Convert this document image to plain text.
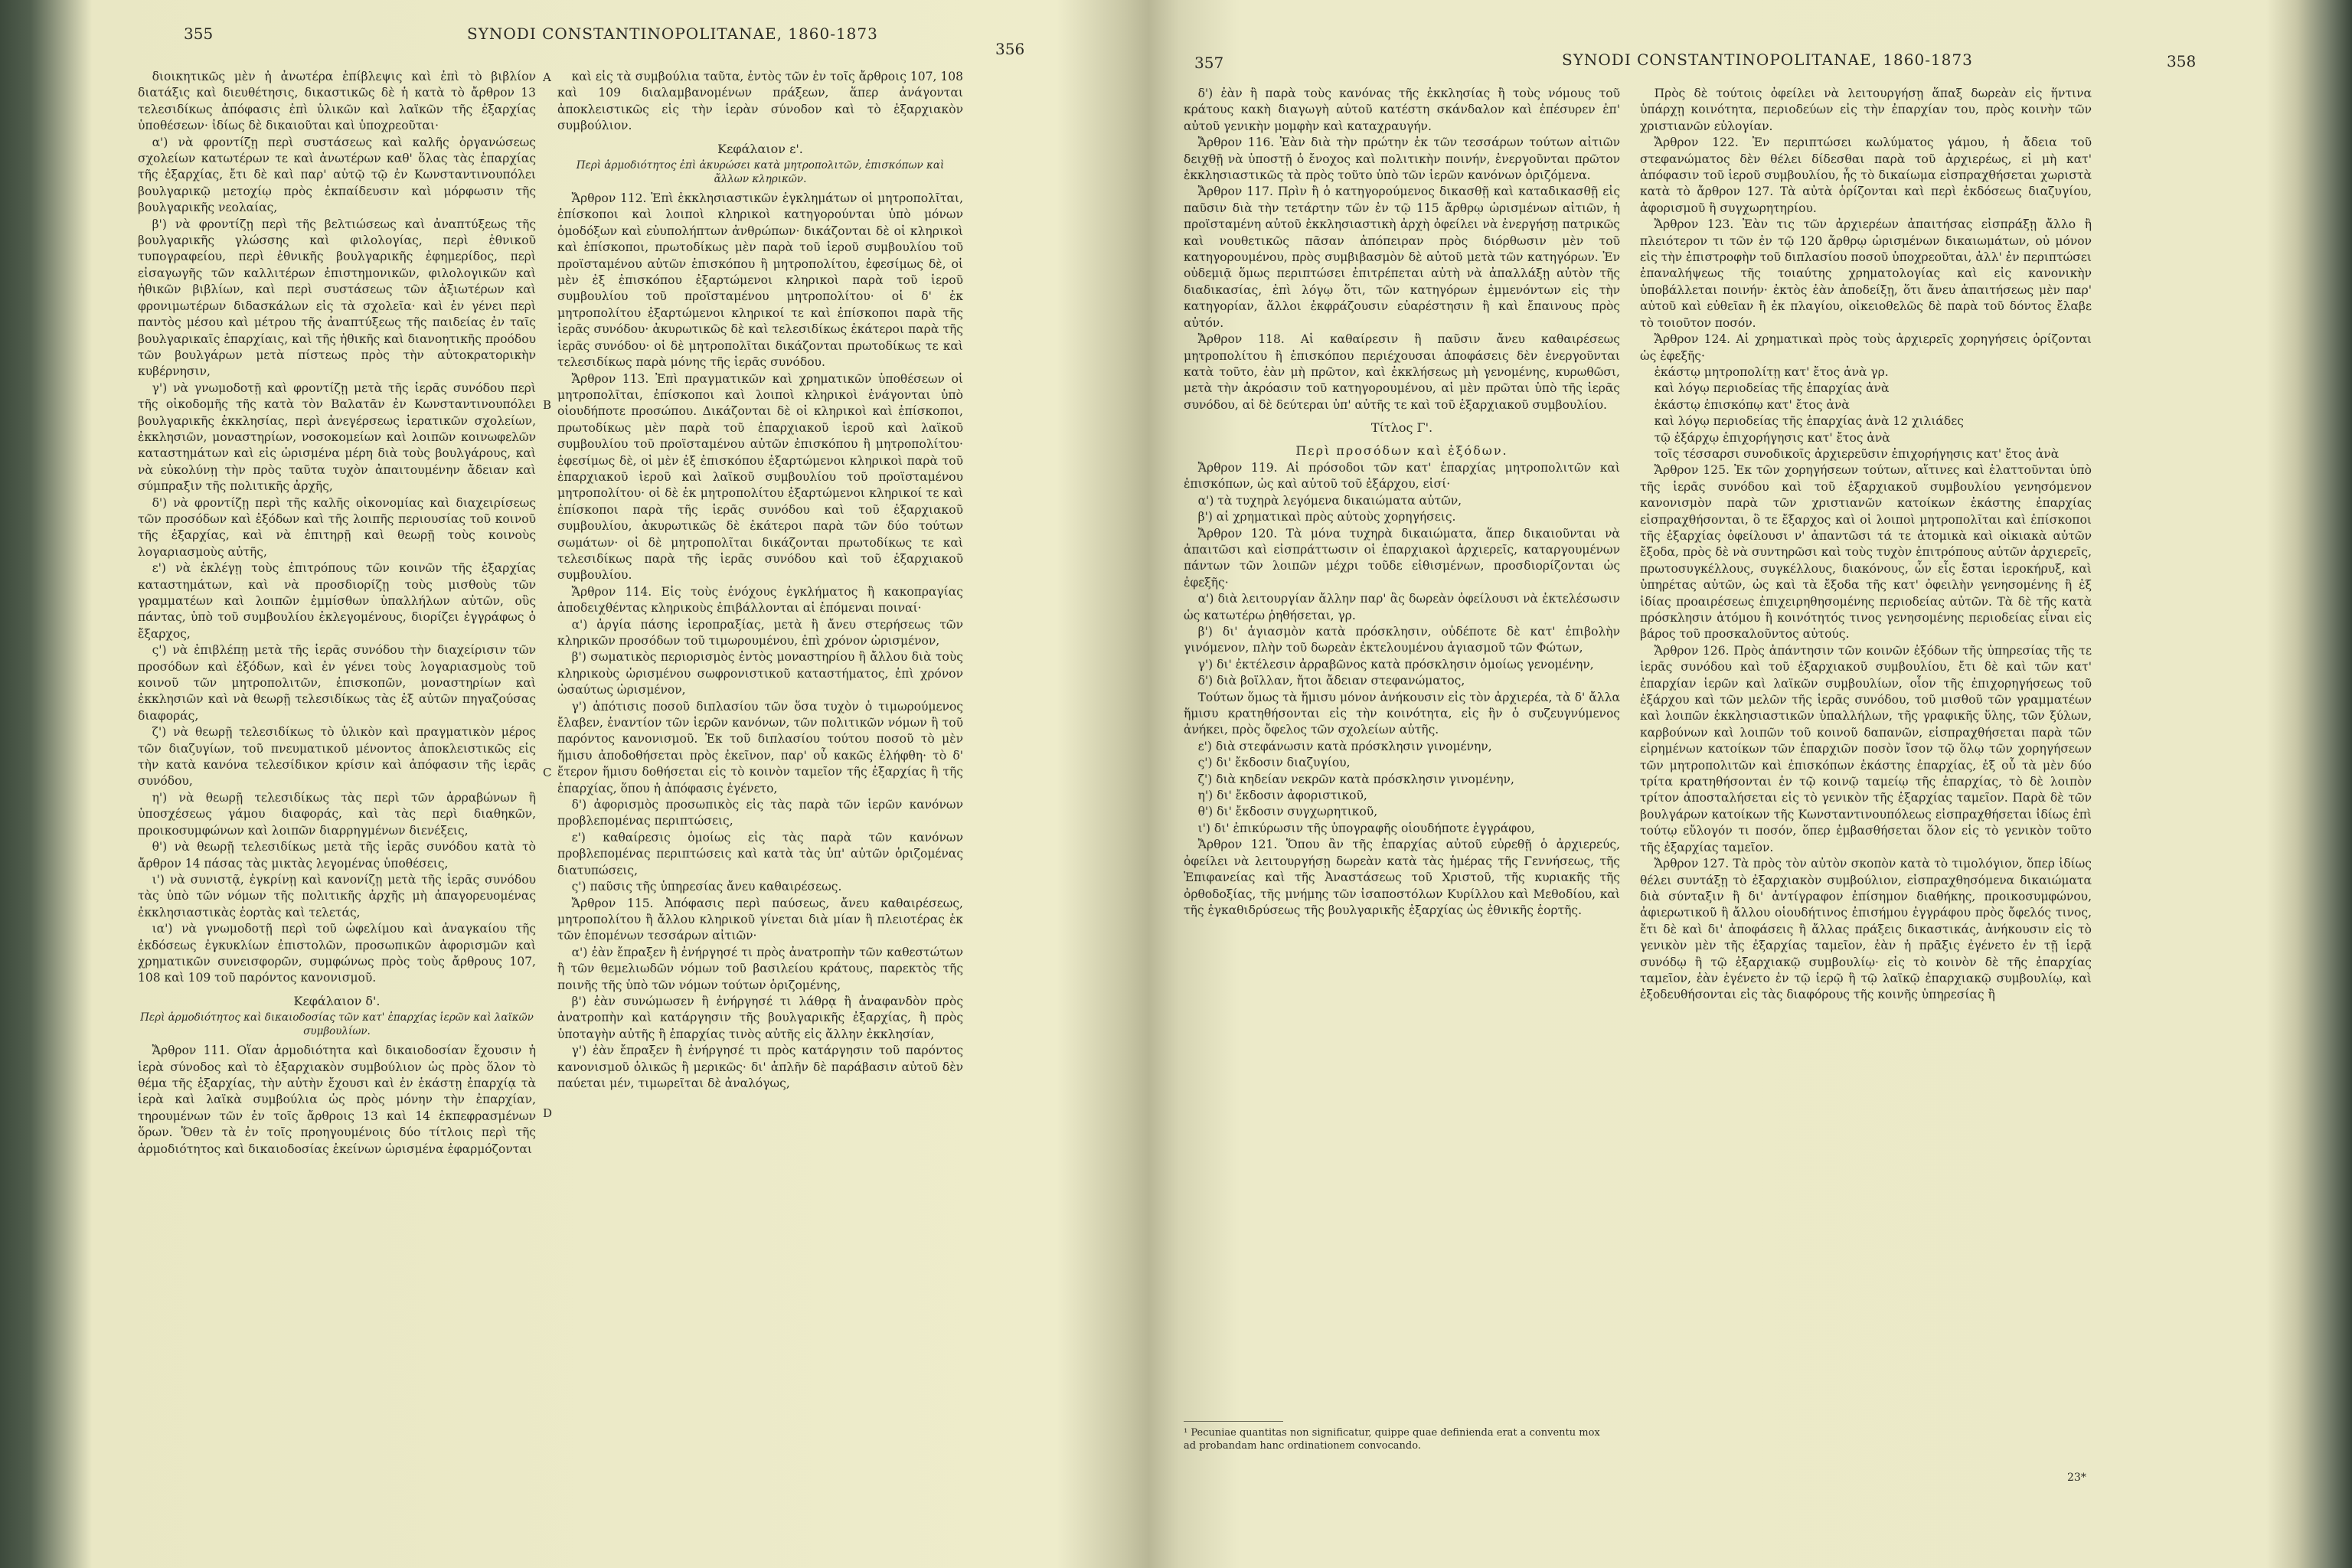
355	SYNODI CONSTANTINOPOLITANAE, 1860-1873
356
357	SYNODI CONSTANTINOPOLITANAE, 1860-1873	358

διοικητικῶς μὲν ἡ ἀνωτέρα ἐπίβλεψις καὶ ἐπὶ τὸ βιβλίον διατάξις καὶ διευθέτησις, δικαστικῶς δὲ ἡ κατὰ τὸ ἄρθρον 13 τελεσιδίκως ἀπόφασις ἐπὶ ὑλικῶν καὶ λαϊκῶν τῆς ἐξαρχίας ὑποθέσεων· ἰδίως δὲ δικαιοῦται καὶ ὑποχρεοῦται·

α') νὰ φροντίζῃ περὶ συστάσεως καὶ καλῆς ὀργανώσεως σχολείων κατωτέρων τε καὶ ἀνωτέρων καθ' ὅλας τὰς ἐπαρχίας τῆς ἐξαρχίας, ἔτι δὲ καὶ παρ' αὐτῷ τῷ ἐν Κωνσταντινουπόλει βουλγαρικῷ μετοχίῳ πρὸς ἐκπαίδευσιν καὶ μόρφωσιν τῆς βουλγαρικῆς νεολαίας,

β') νὰ φροντίζῃ περὶ τῆς βελτιώσεως καὶ ἀναπτύξεως τῆς βουλγαρικῆς γλώσσης καὶ φιλολογίας, περὶ ἐθνικοῦ τυπογραφείου, περὶ ἐθνικῆς βουλγαρικῆς ἐφημερίδος, περὶ εἰσαγωγῆς τῶν καλλιτέρων ἐπιστημονικῶν, φιλολογικῶν καὶ ἠθικῶν βιβλίων, καὶ περὶ συστάσεως τῶν ἀξιωτέρων καὶ φρονιμωτέρων διδασκάλων εἰς τὰ σχολεῖα· καὶ ἐν γένει περὶ παντὸς μέσου καὶ μέτρου τῆς ἀναπτύξεως τῆς παιδείας ἐν ταῖς βουλγαρικαῖς ἐπαρχίαις, καὶ τῆς ἠθικῆς καὶ διανοητικῆς προόδου τῶν βουλγάρων μετὰ πίστεως πρὸς τὴν αὐτοκρατορικὴν κυβέρνησιν,

γ') νὰ γνωμοδοτῇ καὶ φροντίζῃ μετὰ τῆς ἱερᾶς συνόδου περὶ τῆς οἰκοδομῆς τῆς κατὰ τὸν Βαλατᾶν ἐν Κωνσταντινουπόλει βουλγαρικῆς ἐκκλησίας, περὶ ἀνεγέρσεως ἱερατικῶν σχολείων, ἐκκλησιῶν, μοναστηρίων, νοσοκομείων καὶ λοιπῶν κοινωφελῶν καταστημάτων καὶ εἰς ὡρισμένα μέρη διὰ τοὺς βουλγάρους, καὶ νὰ εὐκολύνῃ τὴν πρὸς ταῦτα τυχὸν ἀπαιτουμένην ἄδειαν καὶ σύμπραξιν τῆς πολιτικῆς ἀρχῆς,

δ') νὰ φροντίζῃ περὶ τῆς καλῆς οἰκονομίας καὶ διαχειρίσεως τῶν προσόδων καὶ ἐξόδων καὶ τῆς λοιπῆς περιουσίας τοῦ κοινοῦ τῆς ἐξαρχίας, καὶ νὰ ἐπιτηρῇ καὶ θεωρῇ τοὺς κοινοὺς λογαριασμοὺς αὐτῆς,

ε') νὰ ἐκλέγῃ τοὺς ἐπιτρόπους τῶν κοινῶν τῆς ἐξαρχίας καταστημάτων, καὶ νὰ προσδιορίζῃ τοὺς μισθοὺς τῶν γραμματέων καὶ λοιπῶν ἐμμίσθων ὑπαλλήλων αὐτῶν, οὓς πάντας, ὑπὸ τοῦ συμβουλίου ἐκλεγομένους, διορίζει ἐγγράφως ὁ ἔξαρχος,

ς') νὰ ἐπιβλέπῃ μετὰ τῆς ἱερᾶς συνόδου τὴν διαχείρισιν τῶν προσόδων καὶ ἐξόδων, καὶ ἐν γένει τοὺς λογαριασμοὺς τοῦ κοινοῦ τῶν μητροπολιτῶν, ἐπισκοπῶν, μοναστηρίων καὶ ἐκκλησιῶν καὶ νὰ θεωρῇ τελεσιδίκως τὰς ἐξ αὐτῶν πηγαζούσας διαφοράς,

ζ') νὰ θεωρῇ τελεσιδίκως τὸ ὑλικὸν καὶ πραγματικὸν μέρος τῶν διαζυγίων, τοῦ πνευματικοῦ μένοντος ἀποκλειστικῶς εἰς τὴν κατὰ κανόνα τελεσίδικον κρίσιν καὶ ἀπόφασιν τῆς ἱερᾶς συνόδου,

η') νὰ θεωρῇ τελεσιδίκως τὰς περὶ τῶν ἀρραβώνων ἢ ὑποσχέσεως γάμου διαφοράς, καὶ τὰς περὶ διαθηκῶν, προικοσυμφώνων καὶ λοιπῶν διαρρηγμένων διενέξεις,

θ') νὰ θεωρῇ τελεσιδίκως μετὰ τῆς ἱερᾶς συνόδου κατὰ τὸ ἄρθρον 14 πάσας τὰς μικτὰς λεγομένας ὑποθέσεις,

ι') νὰ συνιστᾷ, ἐγκρίνῃ καὶ κανονίζῃ μετὰ τῆς ἱερᾶς συνόδου τὰς ὑπὸ τῶν νόμων τῆς πολιτικῆς ἀρχῆς μὴ ἀπαγορευομένας ἐκκλησιαστικὰς ἑορτὰς καὶ τελετάς,

ια') νὰ γνωμοδοτῇ περὶ τοῦ ὠφελίμου καὶ ἀναγκαίου τῆς ἐκδόσεως ἐγκυκλίων ἐπιστολῶν, προσωπικῶν ἀφορισμῶν καὶ χρηματικῶν συνεισφορῶν, συμφώνως πρὸς τοὺς ἄρθρους 107, 108 καὶ 109 τοῦ παρόντος κανονισμοῦ.

Κεφάλαιον δ'.

Περὶ ἁρμοδιότητος καὶ δικαιοδοσίας τῶν κατ' ἐπαρχίας ἱερῶν καὶ λαϊκῶν συμβουλίων.

Ἄρθρον 111. Οἵαν ἁρμοδιότητα καὶ δικαιοδοσίαν ἔχουσιν ἡ ἱερὰ σύνοδος καὶ τὸ ἐξαρχιακὸν συμβούλιον ὡς πρὸς ὅλον τὸ θέμα τῆς ἐξαρχίας, τὴν αὐτὴν ἔχουσι καὶ ἐν ἑκάστῃ ἐπαρχίᾳ τὰ ἱερὰ καὶ λαϊκὰ συμβούλια ὡς πρὸς μόνην τὴν ἐπαρχίαν, τηρουμένων τῶν ἐν τοῖς ἄρθροις 13 καὶ 14 ἐκπεφρασμένων ὅρων. Ὅθεν τὰ ἐν τοῖς προηγουμένοις δύο τίτλοις περὶ τῆς ἁρμοδιότητος καὶ δικαιοδοσίας ἐκείνων ὡρισμένα ἐφαρμόζονται

καὶ εἰς τὰ συμβούλια ταῦτα, ἐντὸς τῶν ἐν τοῖς ἄρθροις 107, 108 καὶ 109 διαλαμβανομένων πράξεων, ἅπερ ἀνάγονται ἀποκλειστικῶς εἰς τὴν ἱερὰν σύνοδον καὶ τὸ ἐξαρχιακὸν συμβούλιον.

Κεφάλαιον ε'.

Περὶ ἁρμοδιότητος ἐπὶ ἀκυρώσει κατὰ μητροπολιτῶν, ἐπισκόπων καὶ ἄλλων κληρικῶν.

Ἄρθρον 112. Ἐπὶ ἐκκλησιαστικῶν ἐγκλημάτων οἱ μητροπολῖται, ἐπίσκοποι καὶ λοιποὶ κληρικοὶ κατηγορούνται ὑπὸ μόνων ὁμοδόξων καὶ εὐυπολήπτων ἀνθρώπων· δικάζονται δὲ οἱ κληρικοὶ καὶ ἐπίσκοποι, πρωτοδίκως μὲν παρὰ τοῦ ἱεροῦ συμβουλίου τοῦ προϊσταμένου αὐτῶν ἐπισκόπου ἢ μητροπολίτου, ἐφεσίμως δὲ, οἱ μὲν ἐξ ἐπισκόπου ἐξαρτώμενοι κληρικοὶ παρὰ τοῦ ἱεροῦ συμβουλίου τοῦ προϊσταμένου μητροπολίτου· οἱ δ' ἐκ μητροπολίτου ἐξαρτώμενοι κληρικοί τε καὶ ἐπίσκοποι παρὰ τῆς ἱερᾶς συνόδου· ἀκυρωτικῶς δὲ καὶ τελεσιδίκως ἑκάτεροι παρὰ τῆς ἱερᾶς συνόδου· οἱ δὲ μητροπολῖται δικάζονται πρωτοδίκως τε καὶ τελεσιδίκως παρὰ μόνης τῆς ἱερᾶς συνόδου.

Ἄρθρον 113. Ἐπὶ πραγματικῶν καὶ χρηματικῶν ὑποθέσεων οἱ μητροπολῖται, ἐπίσκοποι καὶ λοιποὶ κληρικοὶ ἐνάγονται ὑπὸ οἱουδήποτε προσώπου. Δικάζονται δὲ οἱ κληρικοὶ καὶ ἐπίσκοποι, πρωτοδίκως μὲν παρὰ τοῦ ἐπαρχιακοῦ ἱεροῦ καὶ λαϊκοῦ συμβουλίου τοῦ προϊσταμένου αὐτῶν ἐπισκόπου ἢ μητροπολίτου· ἐφεσίμως δὲ, οἱ μὲν ἐξ ἐπισκόπου ἐξαρτώμενοι κληρικοὶ παρὰ τοῦ ἐπαρχιακοῦ ἱεροῦ καὶ λαϊκοῦ συμβουλίου τοῦ προϊσταμένου μητροπολίτου· οἱ δὲ ἐκ μητροπολίτου ἐξαρτώμενοι κληρικοί τε καὶ ἐπίσκοποι παρὰ τῆς ἱερᾶς συνόδου καὶ τοῦ ἐξαρχιακοῦ συμβουλίου, ἀκυρωτικῶς δὲ ἑκάτεροι παρὰ τῶν δύο τούτων σωμάτων· οἱ δὲ μητροπολῖται δικάζονται πρωτοδίκως τε καὶ τελεσιδίκως παρὰ τῆς ἱερᾶς συνόδου καὶ τοῦ ἐξαρχιακοῦ συμβουλίου.

Ἄρθρον 114. Εἰς τοὺς ἐνόχους ἐγκλήματος ἢ κακοπραγίας ἀποδειχθέντας κληρικοὺς ἐπιβάλλονται αἱ ἑπόμεναι ποιναί·

α') ἀργία πάσης ἱεροπραξίας, μετὰ ἢ ἄνευ στερήσεως τῶν κληρικῶν προσόδων τοῦ τιμωρουμένου, ἐπὶ χρόνον ὡρισμένον,

β') σωματικὸς περιορισμὸς ἐντὸς μοναστηρίου ἢ ἄλλου διὰ τοὺς κληρικοὺς ὡρισμένου σωφρονιστικοῦ καταστήματος, ἐπὶ χρόνον ὡσαύτως ὡρισμένον,

γ') ἀπότισις ποσοῦ διπλασίου τῶν ὅσα τυχὸν ὁ τιμωρούμενος ἔλαβεν, ἐναντίον τῶν ἱερῶν κανόνων, τῶν πολιτικῶν νόμων ἢ τοῦ παρόντος κανονισμοῦ. Ἐκ τοῦ διπλασίου τούτου ποσοῦ τὸ μὲν ἥμισυ ἀποδοθήσεται πρὸς ἐκεῖνον, παρ' οὗ κακῶς ἐλήφθη· τὸ δ' ἕτερον ἥμισυ δοθήσεται εἰς τὸ κοινὸν ταμεῖον τῆς ἐξαρχίας ἢ τῆς ἐπαρχίας, ὅπου ἡ ἀπόφασις ἐγένετο,

δ') ἀφορισμὸς προσωπικὸς εἰς τὰς παρὰ τῶν ἱερῶν κανόνων προβλεπομένας περιπτώσεις,

ε') καθαίρεσις ὁμοίως εἰς τὰς παρὰ τῶν κανόνων προβλεπομένας περιπτώσεις καὶ κατὰ τὰς ὑπ' αὐτῶν ὁριζομένας διατυπώσεις,

ς') παῦσις τῆς ὑπηρεσίας ἄνευ καθαιρέσεως.

Ἄρθρον 115. Ἀπόφασις περὶ παύσεως, ἄνευ καθαιρέσεως, μητροπολίτου ἢ ἄλλου κληρικοῦ γίνεται διὰ μίαν ἢ πλειοτέρας ἐκ τῶν ἑπομένων τεσσάρων αἰτιῶν·

α') ἐὰν ἔπραξεν ἢ ἐνήργησέ τι πρὸς ἀνατροπὴν τῶν καθεστώτων ἢ τῶν θεμελιωδῶν νόμων τοῦ βασιλείου κράτους, παρεκτὸς τῆς ποινῆς τῆς ὑπὸ τῶν νόμων τούτων ὁριζομένης,

β') ἐὰν συνώμωσεν ἢ ἐνήργησέ τι λάθρᾳ ἢ ἀναφανδὸν πρὸς ἀνατροπὴν καὶ κατάργησιν τῆς βουλγαρικῆς ἐξαρχίας, ἢ πρὸς ὑποταγὴν αὐτῆς ἢ ἐπαρχίας τινὸς αὐτῆς εἰς ἄλλην ἐκκλησίαν,

γ') ἐὰν ἔπραξεν ἢ ἐνήργησέ τι πρὸς κατάργησιν τοῦ παρόντος κανονισμοῦ ὁλικῶς ἢ μερικῶς· δι' ἁπλῆν δὲ παράβασιν αὐτοῦ δὲν παύεται μέν, τιμωρεῖται δὲ ἀναλόγως,

A
B
C
D

δ') ἐὰν ἢ παρὰ τοὺς κανόνας τῆς ἐκκλησίας ἢ τοὺς νόμους τοῦ κράτους κακὴ διαγωγὴ αὐτοῦ κατέστη σκάνδαλον καὶ ἐπέσυρεν ἐπ' αὐτοῦ γενικὴν μομφὴν καὶ καταχραυγήν.

Ἄρθρον 116. Ἐὰν διὰ τὴν πρώτην ἐκ τῶν τεσσάρων τούτων αἰτιῶν δειχθῇ νὰ ὑποστῇ ὁ ἔνοχος καὶ πολιτικὴν ποινήν, ἐνεργοῦνται πρῶτον ἐκκλησιαστικῶς τὰ πρὸς τοῦτο ὑπὸ τῶν ἱερῶν κανόνων ὁριζόμενα.

Ἄρθρον 117. Πρὶν ἢ ὁ κατηγορούμενος δικασθῇ καὶ καταδικασθῇ εἰς παῦσιν διὰ τὴν τετάρτην τῶν ἐν τῷ 115 ἄρθρῳ ὡρισμένων αἰτιῶν, ἡ προϊσταμένη αὐτοῦ ἐκκλησιαστικὴ ἀρχὴ ὀφείλει νὰ ἐνεργήσῃ πατρικῶς καὶ νουθετικῶς πᾶσαν ἀπόπειραν πρὸς διόρθωσιν μὲν τοῦ κατηγορουμένου, πρὸς συμβιβασμὸν δὲ αὐτοῦ μετὰ τῶν κατηγόρων. Ἐν οὐδεμιᾷ ὅμως περιπτώσει ἐπιτρέπεται αὐτὴ νὰ ἀπαλλάξῃ αὐτὸν τῆς διαδικασίας, ἐπὶ λόγῳ ὅτι, τῶν κατηγόρων ἐμμενόντων εἰς τὴν κατηγορίαν, ἄλλοι ἐκφράζουσιν εὐαρέστησιν ἢ καὶ ἔπαινους πρὸς αὐτόν.

Ἄρθρον 118. Αἱ καθαίρεσιν ἢ παῦσιν ἄνευ καθαιρέσεως μητροπολίτου ἢ ἐπισκόπου περιέχουσαι ἀποφάσεις δὲν ἐνεργοῦνται κατὰ τοῦτο, ἐὰν μὴ πρῶτον, καὶ ἐκκλήσεως μὴ γενομένης, κυρωθῶσι, μετὰ τὴν ἀκρόασιν τοῦ κατηγορουμένου, αἱ μὲν πρῶται ὑπὸ τῆς ἱερᾶς συνόδου, αἱ δὲ δεύτεραι ὑπ' αὐτῆς τε καὶ τοῦ ἐξαρχιακοῦ συμβουλίου.

Τίτλος Γ'.

Περὶ προσόδων καὶ ἐξόδων.

Ἄρθρον 119. Αἱ πρόσοδοι τῶν κατ' ἐπαρχίας μητροπολιτῶν καὶ ἐπισκόπων, ὡς καὶ αὐτοῦ τοῦ ἐξάρχου, εἰσί·

α') τὰ τυχηρὰ λεγόμενα δικαιώματα αὐτῶν,

β') αἱ χρηματικαὶ πρὸς αὐτοὺς χορηγήσεις.

Ἄρθρον 120. Τὰ μόνα τυχηρὰ δικαιώματα, ἅπερ δικαιοῦνται νὰ ἀπαιτῶσι καὶ εἰσπράττωσιν οἱ ἐπαρχιακοὶ ἀρχιερεῖς, καταργουμένων πάντων τῶν λοιπῶν μέχρι τοῦδε εἰθισμένων, προσδιορίζονται ὡς ἐφεξῆς·

α') διὰ λειτουργίαν ἄλλην παρ' ἃς δωρεὰν ὀφείλουσι νὰ ἐκτελέσωσιν ὡς κατωτέρω ῥηθήσεται, γρ.

β') δι' ἁγιασμὸν κατὰ πρόσκλησιν, οὐδέποτε δὲ κατ' ἐπιβολὴν γινόμενον, πλὴν τοῦ δωρεὰν ἐκτελουμένου ἁγιασμοῦ τῶν Φώτων,

γ') δι' ἐκτέλεσιν ἀρραβῶνος κατὰ πρόσκλησιν ὁμοίως γενομένην,

δ') διὰ βοϊλλαν, ἤτοι ἄδειαν στεφανώματος,

Τούτων ὅμως τὰ ἥμισυ μόνον ἀνήκουσιν εἰς τὸν ἀρχιερέα, τὰ δ' ἄλλα ἥμισυ κρατηθήσονται εἰς τὴν κοινότητα, εἰς ἣν ὁ συζευγνύμενος ἀνήκει, πρὸς ὄφελος τῶν σχολείων αὐτῆς.

ε') διὰ στεφάνωσιν κατὰ πρόσκλησιν γινομένην,

ς') δι' ἔκδοσιν διαζυγίου,

ζ') διὰ κηδείαν νεκρῶν κατὰ πρόσκλησιν γινομένην,

η') δι' ἔκδοσιν ἀφοριστικοῦ,

θ') δι' ἔκδοσιν συγχωρητικοῦ,

ι') δι' ἐπικύρωσιν τῆς ὑπογραφῆς οἱουδήποτε ἐγγράφου,

Ἄρθρον 121. Ὅπου ἂν τῆς ἐπαρχίας αὐτοῦ εὑρεθῇ ὁ ἀρχιερεύς, ὀφείλει νὰ λειτουργήσῃ δωρεὰν κατὰ τὰς ἡμέρας τῆς Γεννήσεως, τῆς Ἐπιφανείας καὶ τῆς Ἀναστάσεως τοῦ Χριστοῦ, τῆς κυριακῆς τῆς ὀρθοδοξίας, τῆς μνήμης τῶν ἰσαποστόλων Κυρίλλου καὶ Μεθοδίου, καὶ τῆς ἐγκαθιδρύσεως τῆς βουλγαρικῆς ἐξαρχίας ὡς ἐθνικῆς ἑορτῆς.

Πρὸς δὲ τούτοις ὀφείλει νὰ λειτουργήσῃ ἅπαξ δωρεὰν εἰς ἥντινα ὑπάρχῃ κοινότητα, περιοδεύων εἰς τὴν ἐπαρχίαν του, πρὸς κοινὴν τῶν χριστιανῶν εὐλογίαν.

Ἄρθρον 122. Ἐν περιπτώσει κωλύματος γάμου, ἡ ἄδεια τοῦ στεφανώματος δὲν θέλει δίδεσθαι παρὰ τοῦ ἀρχιερέως, εἰ μὴ κατ' ἀπόφασιν τοῦ ἱεροῦ συμβουλίου, ἧς τὸ δικαίωμα εἰσπραχθήσεται χωριστὰ κατὰ τὸ ἄρθρον 127. Τὰ αὐτὰ ὁρίζονται καὶ περὶ ἐκδόσεως διαζυγίου, ἀφορισμοῦ ἢ συγχωρητηρίου.

Ἄρθρον 123. Ἐὰν τις τῶν ἀρχιερέων ἀπαιτήσας εἰσπράξῃ ἄλλο ἢ πλειότερον τι τῶν ἐν τῷ 120 ἄρθρῳ ὡρισμένων δικαιωμάτων, οὐ μόνον εἰς τὴν ἐπιστροφὴν τοῦ διπλασίου ποσοῦ ὑποχρεοῦται, ἀλλ' ἐν περιπτώσει ἐπαναλήψεως τῆς τοιαύτης χρηματολογίας καὶ εἰς κανονικὴν ὑποβάλλεται ποινήν· ἐκτὸς ἐὰν ἀποδείξῃ, ὅτι ἄνευ ἀπαιτήσεως μὲν παρ' αὐτοῦ καὶ εὐθεῖαν ἢ ἐκ πλαγίου, οἰκειοθελῶς δὲ παρὰ τοῦ δόντος ἔλαβε τὸ τοιοῦτον ποσόν.

Ἄρθρον 124. Αἱ χρηματικαὶ πρὸς τοὺς ἀρχιερεῖς χορηγήσεις ὁρίζονται ὡς ἐφεξῆς·

ἑκάστῳ μητροπολίτῃ κατ' ἔτος ἀνὰ γρ.

καὶ λόγῳ περιοδείας τῆς ἐπαρχίας ἀνὰ

ἑκάστῳ ἐπισκόπῳ κατ' ἔτος ἀνὰ

καὶ λόγῳ περιοδείας τῆς ἐπαρχίας ἀνὰ 12 χιλιάδες

τῷ ἐξάρχῳ ἐπιχορήγησις κατ' ἔτος ἀνὰ

τοῖς τέσσαρσι συνοδικοῖς ἀρχιερεῦσιν ἐπιχορήγησις κατ' ἔτος ἀνὰ

Ἄρθρον 125. Ἐκ τῶν χορηγήσεων τούτων, αἵτινες καὶ ἐλαττοῦνται ὑπὸ τῆς ἱερᾶς συνόδου καὶ τοῦ ἐξαρχιακοῦ συμβουλίου γενησόμενον κανονισμὸν παρὰ τῶν χριστιανῶν κατοίκων ἑκάστης ἐπαρχίας εἰσπραχθήσονται, ὃ τε ἔξαρχος καὶ οἱ λοιποὶ μητροπολῖται καὶ ἐπίσκοποι τῆς ἐξαρχίας ὀφείλουσι ν' ἀπαντῶσι τά τε ἀτομικὰ καὶ οἰκιακὰ αὐτῶν ἔξοδα, πρὸς δὲ νὰ συντηρῶσι καὶ τοὺς τυχὸν ἐπιτρόπους αὐτῶν ἀρχιερεῖς, πρωτοσυγκέλλους, συγκέλλους, διακόνους, ὧν εἷς ἔσται ἱεροκήρυξ, καὶ ὑπηρέτας αὐτῶν, ὡς καὶ τὰ ἔξοδα τῆς κατ' ὀφειλὴν γενησομένης ἢ ἐξ ἰδίας προαιρέσεως ἐπιχειρηθησομένης περιοδείας αὐτῶν. Τὰ δὲ τῆς κατὰ πρόσκλησιν ἀτόμου ἢ κοινότητός τινος γενησομένης περιοδείας εἶναι εἰς βάρος τοῦ προσκαλοῦντος αὐτούς.

Ἄρθρον 126. Πρὸς ἀπάντησιν τῶν κοινῶν ἐξόδων τῆς ὑπηρεσίας τῆς τε ἱερᾶς συνόδου καὶ τοῦ ἐξαρχιακοῦ συμβουλίου, ἔτι δὲ καὶ τῶν κατ' ἐπαρχίαν ἱερῶν καὶ λαϊκῶν συμβουλίων, οἷον τῆς ἐπιχορηγήσεως τοῦ ἐξάρχου καὶ τῶν μελῶν τῆς ἱερᾶς συνόδου, τοῦ μισθοῦ τῶν γραμματέων καὶ λοιπῶν ἐκκλησιαστικῶν ὑπαλλήλων, τῆς γραφικῆς ὕλης, τῶν ξύλων, καρβούνων καὶ λοιπῶν τοῦ κοινοῦ δαπανῶν, εἰσπραχθήσεται παρὰ τῶν εἰρημένων κατοίκων τῶν ἐπαρχιῶν ποσὸν ἴσον τῷ ὅλῳ τῶν χορηγήσεων τῶν μητροπολιτῶν καὶ ἐπισκόπων ἑκάστης ἐπαρχίας, ἐξ οὗ τὰ μὲν δύο τρίτα κρατηθήσονται ἐν τῷ κοινῷ ταμείῳ τῆς ἐπαρχίας, τὸ δὲ λοιπὸν τρίτον ἀποσταλήσεται εἰς τὸ γενικὸν τῆς ἐξαρχίας ταμεῖον. Παρὰ δὲ τῶν βουλγάρων κατοίκων τῆς Κωνσταντινουπόλεως εἰσπραχθήσεται ἰδίως ἐπὶ τούτῳ εὔλογόν τι ποσόν, ὅπερ ἐμβασθήσεται ὅλον εἰς τὸ γενικὸν τοῦτο τῆς ἐξαρχίας ταμεῖον.

Ἄρθρον 127. Τὰ πρὸς τὸν αὐτὸν σκοπὸν κατὰ τὸ τιμολόγιον, ὅπερ ἰδίως θέλει συντάξῃ τὸ ἐξαρχιακὸν συμβούλιον, εἰσπραχθησόμενα δικαιώματα διὰ σύνταξιν ἢ δι' ἀντίγραφον ἐπίσημον διαθήκης, προικοσυμφώνου, ἀφιερωτικοῦ ἢ ἄλλου οἱουδήτινος ἐπισήμου ἐγγράφου πρὸς ὄφελός τινος, ἔτι δὲ καὶ δι' ἀποφάσεις ἢ ἄλλας πράξεις δικαστικάς, ἀνήκουσιν εἰς τὸ γενικὸν μὲν τῆς ἐξαρχίας ταμεῖον, ἐὰν ἡ πρᾶξις ἐγένετο ἐν τῇ ἱερᾷ συνόδῳ ἢ τῷ ἐξαρχιακῷ συμβουλίῳ· εἰς τὸ κοινὸν δὲ τῆς ἐπαρχίας ταμεῖον, ἐὰν ἐγένετο ἐν τῷ ἱερῷ ἢ τῷ λαϊκῷ ἐπαρχιακῷ συμβουλίῳ, καὶ ἐξοδευθήσονται εἰς τὰς διαφόρους τῆς κοινῆς ὑπηρεσίας ἢ

¹ Pecuniae quantitas non significatur, quippe quae definienda erat a conventu mox ad probandam hanc ordinationem convocando.
23*
